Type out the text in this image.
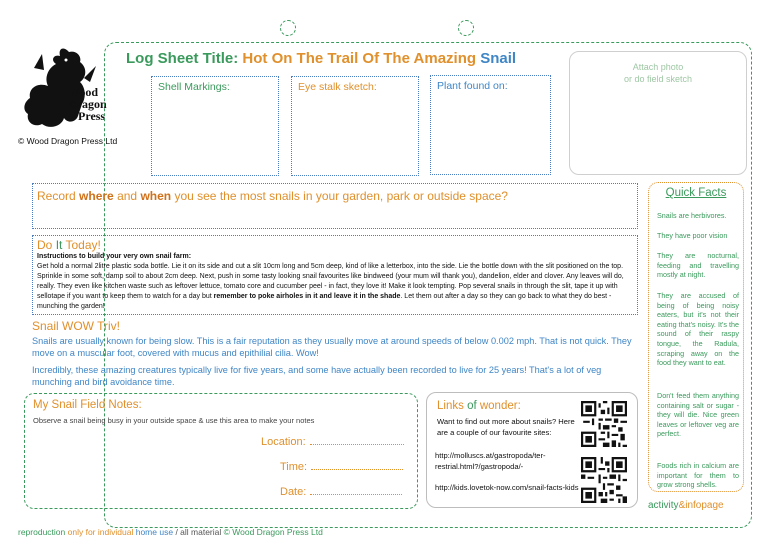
Wood
Dragon
Press
© Wood Dragon Press Ltd
Log Sheet Title: Hot On The Trail Of The Amazing Snail
Shell Markings:	Eye stalk sketch:	Plant found on:
Attach photo
or do field sketch
Record where and when you see the most snails in your garden, park or outside space?
Do It Today!
Instructions to build your very own snail farm:
Get hold a normal 2litre plastic soda bottle. Lie it on its side and cut a slit 10cm long and 5cm deep, kind of like a letterbox, into the side. Lie the bottle down with the slit positioned on the top. Sprinkle in some soft, damp soil to about 2cm deep. Next, push in some tasty looking snail favourites like bindweed (your mum will thank you), dandelion, elder and clover. Any leaves will do, really. They even like kitchen waste such as leftover lettuce, tomato core and cucumber peel - in fact, they love it! Make it look tempting. Pop several snails in through the slit, tape it up with sellotape if you want to keep them to watch for a day but remember to poke airholes in it and leave it in the shade. Let them out after a day so they can go back to what they do best - munching the garden!
Snail WOW Triv!
Snails are usually known for being slow. This is a fair reputation as they usually move at around speeds of below 0.002 mph. That is not quick. They move on a muscular foot, covered with mucus and epithilial cilia. Wow!
Incredibly, these amazing creatures typically live for five years, and some have actually been recorded to live for 25 years! That's a lot of veg munching and bird avoidance time.
My Snail Field Notes:
Observe a snail being busy in your outside space & use this area to make your notes
Location:
Time:
Date:
Links of wonder:
Want to find out more about snails? Here are a couple of our favourite sites:
http://molluscs.at/gastropoda/ter-restrial.html?/gastropoda/-
http://kids.lovetok-now.com/snail-facts-kids
Quick Facts
Snails are herbivores.
They have poor vision
They are nocturnal, feeding and travelling mostly at night.
They are accused of being of being noisy eaters, but it's not their eating that's noisy. It's the sound of their raspy tongue, the Radula, scraping away on the food they want to eat.
Don't feed them anything containing salt or sugar - they will die. Nice green leaves or leftover veg are perfect.
Foods rich in calcium are important for them to grow strong shells.
activity&infopage
reproduction only for individual home use / all material © Wood Dragon Press Ltd
